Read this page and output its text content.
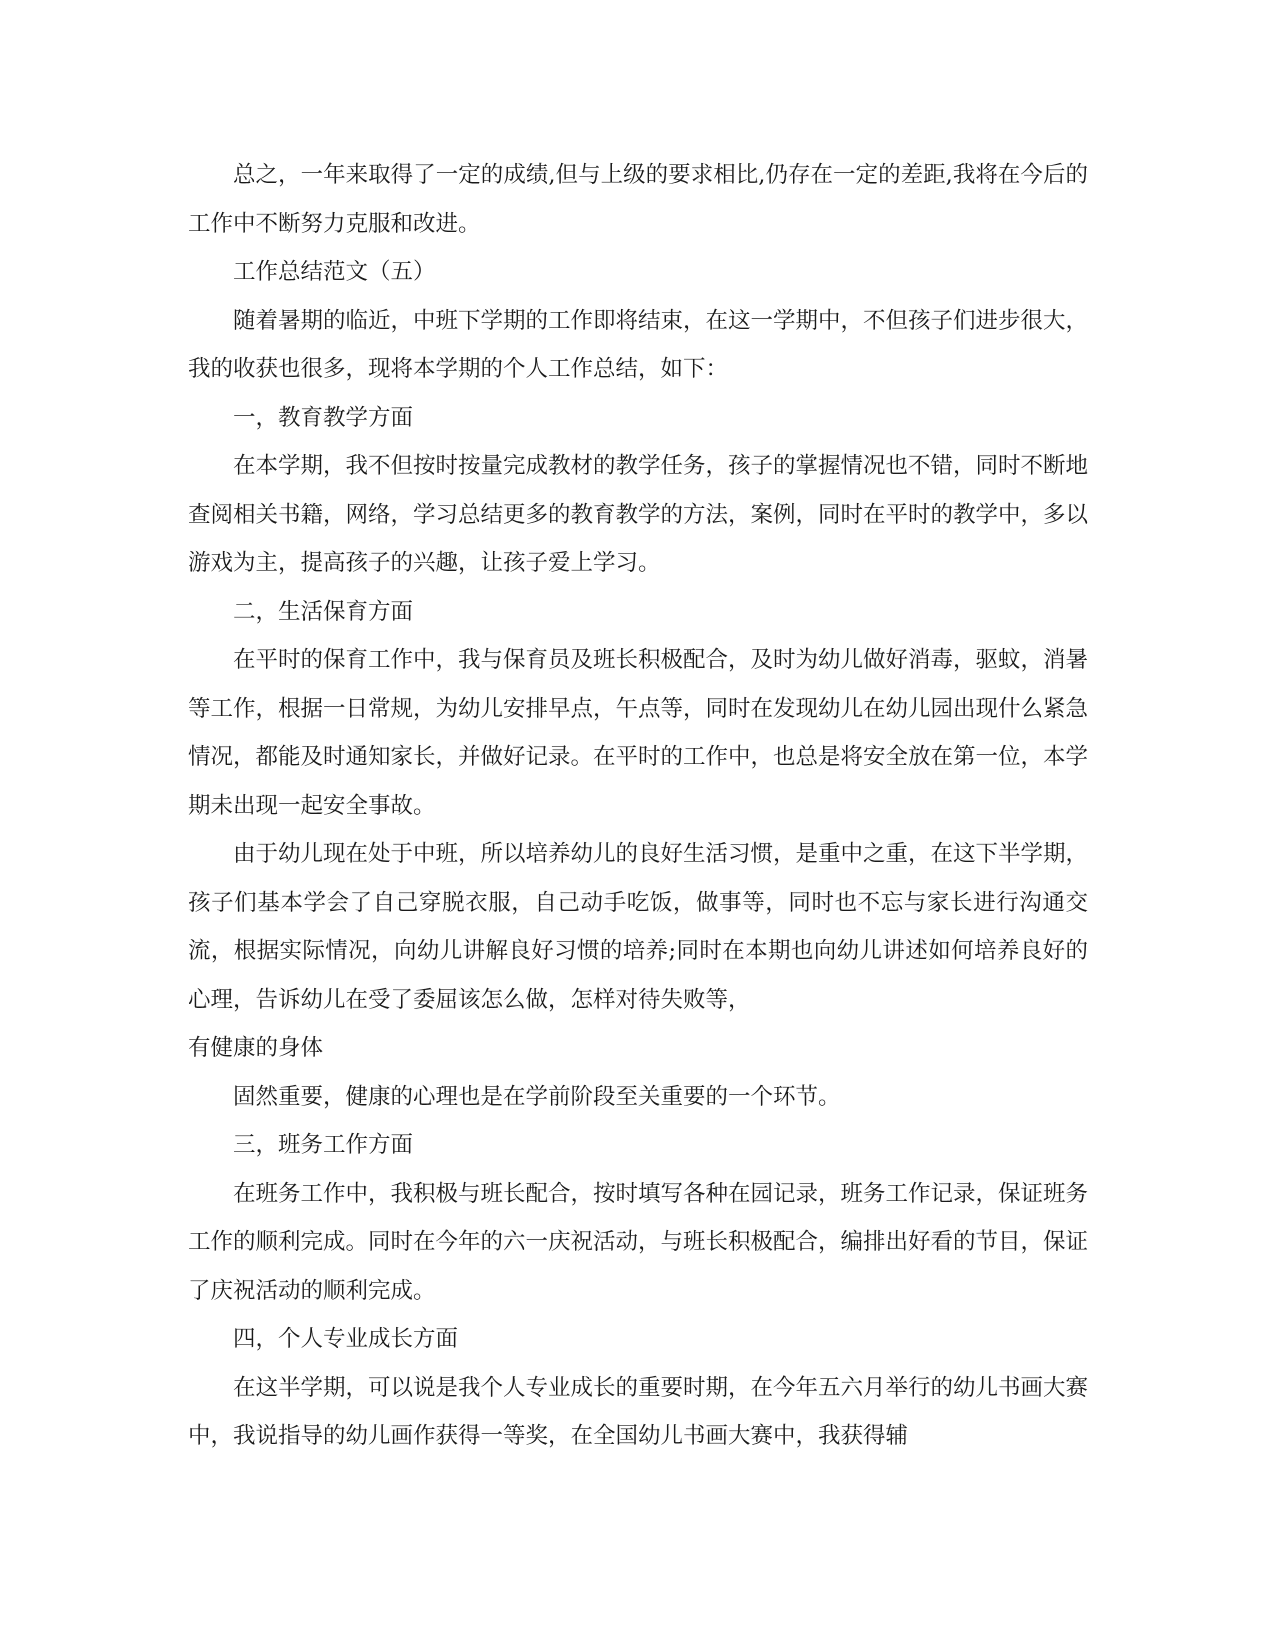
总之，一年来取得了一定的成绩,但与上级的要求相比,仍存在一定的差距,我将在今后的工作中不断努力克服和改进。

工作总结范文（五）

随着暑期的临近，中班下学期的工作即将结束，在这一学期中，不但孩子们进步很大，我的收获也很多，现将本学期的个人工作总结，如下：

一，教育教学方面

在本学期，我不但按时按量完成教材的教学任务，孩子的掌握情况也不错，同时不断地查阅相关书籍，网络，学习总结更多的教育教学的方法，案例，同时在平时的教学中，多以游戏为主，提高孩子的兴趣，让孩子爱上学习。

二，生活保育方面

在平时的保育工作中，我与保育员及班长积极配合，及时为幼儿做好消毒，驱蚊，消暑等工作，根据一日常规，为幼儿安排早点，午点等，同时在发现幼儿在幼儿园出现什么紧急情况，都能及时通知家长，并做好记录。在平时的工作中，也总是将安全放在第一位，本学期未出现一起安全事故。

由于幼儿现在处于中班，所以培养幼儿的良好生活习惯，是重中之重，在这下半学期，孩子们基本学会了自己穿脱衣服，自己动手吃饭，做事等，同时也不忘与家长进行沟通交流，根据实际情况，向幼儿讲解良好习惯的培养;同时在本期也向幼儿讲述如何培养良好的心理，告诉幼儿在受了委屈该怎么做，怎样对待失败等，

有健康的身体

固然重要，健康的心理也是在学前阶段至关重要的一个环节。

三，班务工作方面

在班务工作中，我积极与班长配合，按时填写各种在园记录，班务工作记录，保证班务工作的顺利完成。同时在今年的六一庆祝活动，与班长积极配合，编排出好看的节目，保证了庆祝活动的顺利完成。

四，个人专业成长方面

在这半学期，可以说是我个人专业成长的重要时期，在今年五六月举行的幼儿书画大赛中，我说指导的幼儿画作获得一等奖，在全国幼儿书画大赛中，我获得辅
